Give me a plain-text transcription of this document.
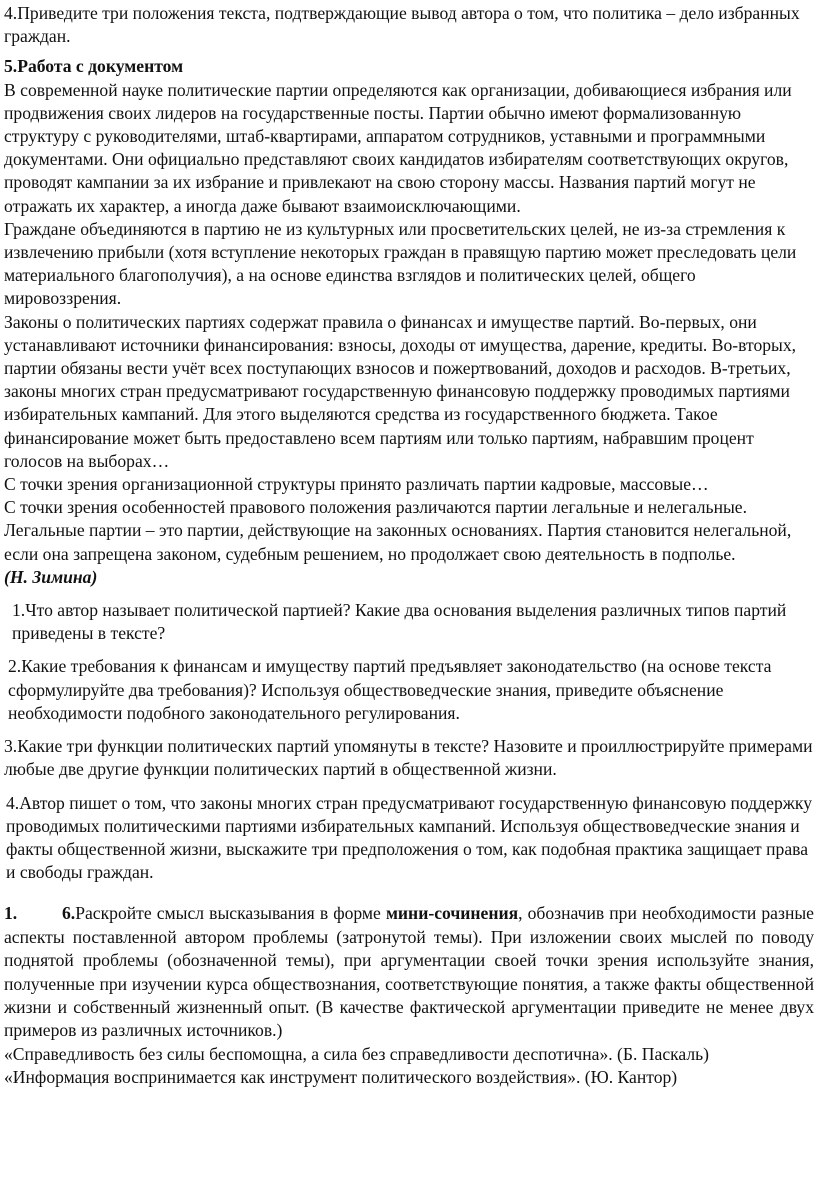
4.Приведите три положения текста, подтверждающие вывод автора о том, что политика – дело избранных граждан.

5.Работа с документом

В современной науке политические партии определяются как организации, добивающиеся избрания или продвижения своих лидеров на государственные посты. Партии обычно имеют формализованную структуру с руководителями, штаб-квартирами, аппаратом сотрудников, уставными и программными документами. Они официально представляют своих кандидатов избирателям соответствующих округов, проводят кампании за их избрание и привлекают на свою сторону массы. Названия партий могут не отражать их характер, а иногда даже бывают взаимоисключающими.

Граждане объединяются в партию не из культурных или просветительских целей, не из-за стремления к извлечению прибыли (хотя вступление некоторых граждан в правящую партию может преследовать цели материального благополучия), а на основе единства взглядов и политических целей, общего мировоззрения.

Законы о политических партиях содержат правила о финансах и имуществе партий. Во-первых, они устанавливают источники финансирования: взносы, доходы от имущества, дарение, кредиты. Во-вторых, партии обязаны вести учёт всех поступающих взносов и пожертвований, доходов и расходов. В-третьих, законы многих стран предусматривают государственную финансовую поддержку проводимых партиями избирательных кампаний. Для этого выделяются средства из государственного бюджета. Такое финансирование может быть предоставлено всем партиям или только партиям, набравшим процент голосов на выборах…

С точки зрения организационной структуры принято различать партии кадровые, массовые…

С точки зрения особенностей правового положения различаются партии легальные и нелегальные. Легальные партии – это партии, действующие на законных основаниях. Партия становится нелегальной, если она запрещена законом, судебным решением, но продолжает свою деятельность в подполье.

(Н. Зимина)

1.Что автор называет политической партией? Какие два основания выделения различных типов партий приведены в тексте?

2.Какие требования к финансам и имуществу партий предъявляет законодательство (на основе текста сформулируйте два требования)? Используя обществоведческие знания, приведите объяснение необходимости подобного законодательного регулирования.

3.Какие три функции политических партий упомянуты в тексте? Назовите и проиллюстрируйте примерами любые две другие функции политических партий в общественной жизни.

4.Автор пишет о том, что законы многих стран предусматривают государственную финансовую поддержку проводимых политическими партиями избирательных кампаний. Используя обществоведческие знания и факты общественной жизни, выскажите три предположения о том, как подобная практика защищает права и свободы граждан.

1.	6.Раскройте смысл высказывания в форме мини-сочинения, обозначив при необходимости разные аспекты поставленной автором проблемы (затронутой темы). При изложении своих мыслей по поводу поднятой проблемы (обозначенной темы), при аргументации своей точки зрения используйте знания, полученные при изучении курса обществознания, соответствующие понятия, а также факты общественной жизни и собственный жизненный опыт. (В качестве фактической аргументации приведите не менее двух примеров из различных источников.)

«Справедливость без силы беспомощна, а сила без справедливости деспотична». (Б. Паскаль)

«Информация воспринимается как инструмент политического воздействия». (Ю. Кантор)
